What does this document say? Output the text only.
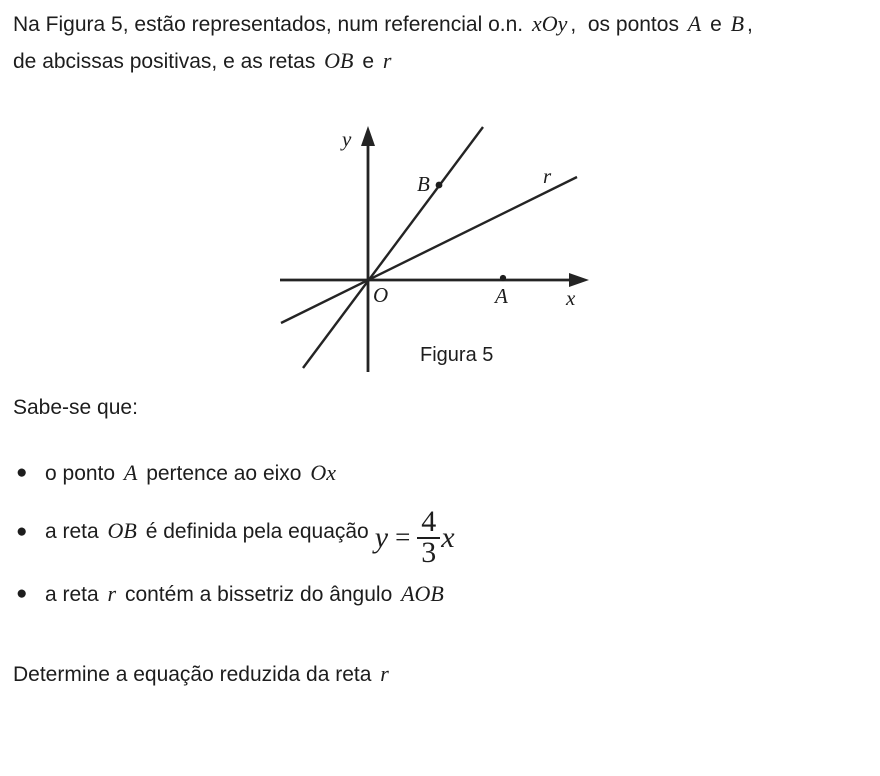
Na Figura 5, estão representados, num referencial o.n. xOy ,  os pontos A e B ,
de abcissas positivas, e as retas OB e r
y
x
O
B
A
r
Figura 5
Sabe-se que:
● o ponto A pertence ao eixo Ox
● a reta OB é definida pela equação $y = \frac{4}{3}$ x
● a reta r contém a bissetriz do ângulo AOB
Determine a equação reduzida da reta r
